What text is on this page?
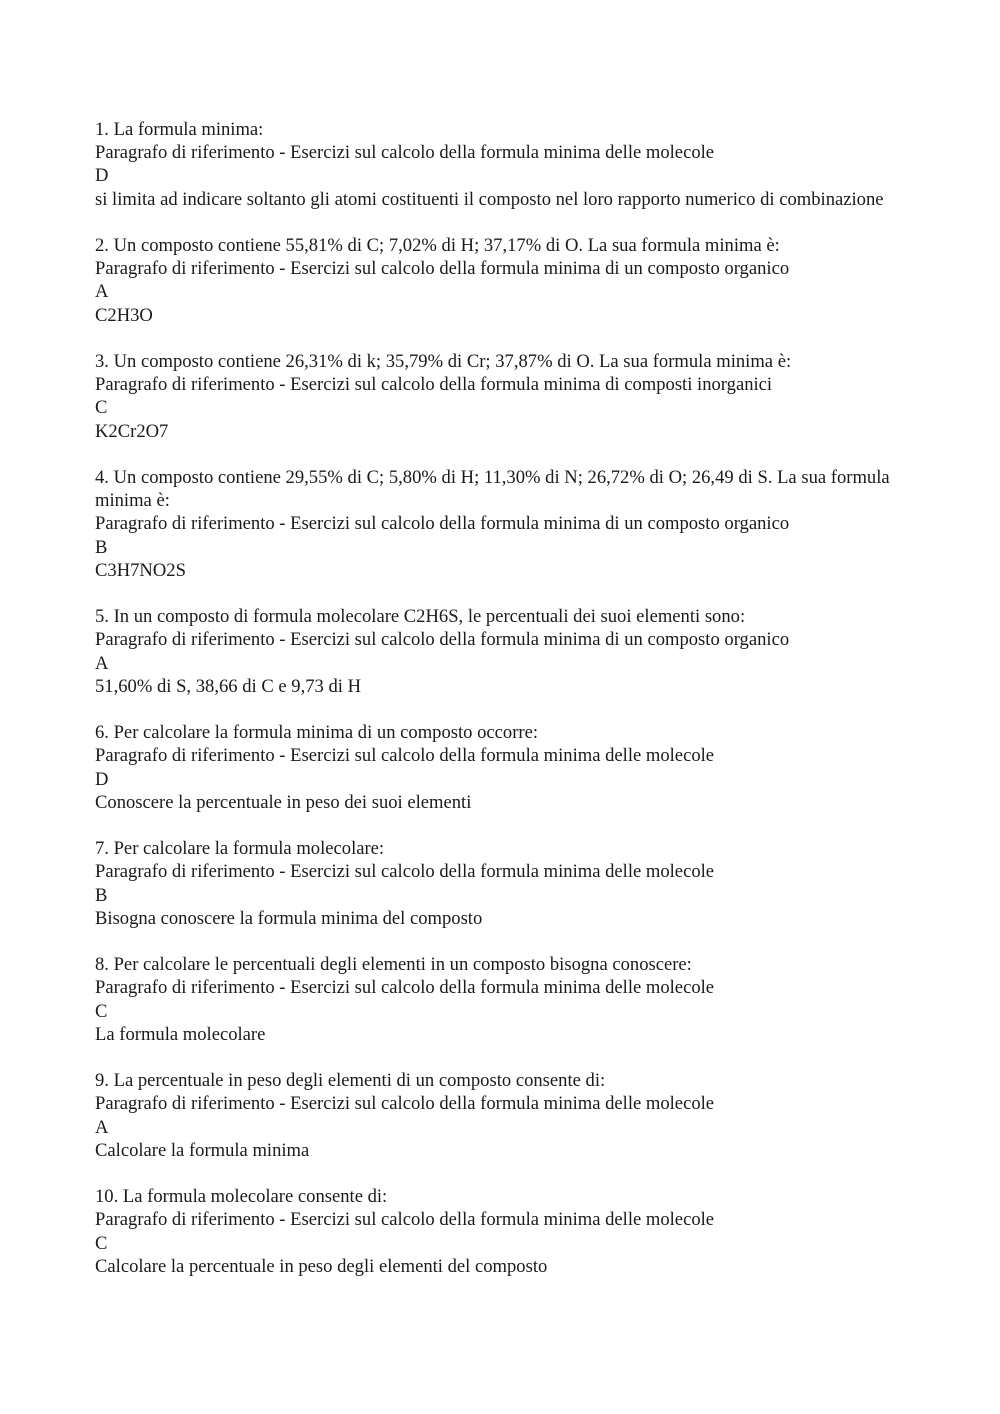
1. La formula minima:
Paragrafo di riferimento - Esercizi sul calcolo della formula minima delle molecole
D
si limita ad indicare soltanto gli atomi costituenti il composto nel loro rapporto numerico di combinazione
2. Un composto contiene 55,81% di C; 7,02% di H; 37,17% di O. La sua formula minima è:
Paragrafo di riferimento - Esercizi sul calcolo della formula minima di un composto organico
A
C2H3O
3. Un composto contiene 26,31% di k; 35,79% di Cr; 37,87% di O. La sua formula minima è:
Paragrafo di riferimento - Esercizi sul calcolo della formula minima di composti inorganici
C
K2Cr2O7
4. Un composto contiene 29,55% di C; 5,80% di H; 11,30% di N; 26,72% di O; 26,49 di S. La sua formula minima è:
Paragrafo di riferimento - Esercizi sul calcolo della formula minima di un composto organico
B
C3H7NO2S
5. In un composto di formula molecolare C2H6S, le percentuali dei suoi elementi sono:
Paragrafo di riferimento - Esercizi sul calcolo della formula minima di un composto organico
A
51,60% di S, 38,66 di C e 9,73 di H
6. Per calcolare la formula minima di un composto occorre:
Paragrafo di riferimento - Esercizi sul calcolo della formula minima delle molecole
D
Conoscere la percentuale in peso dei suoi elementi
7. Per calcolare la formula molecolare:
Paragrafo di riferimento - Esercizi sul calcolo della formula minima delle molecole
B
Bisogna conoscere la formula minima del composto
8. Per calcolare le percentuali degli elementi in un composto bisogna conoscere:
Paragrafo di riferimento - Esercizi sul calcolo della formula minima delle molecole
C
La formula molecolare
9. La percentuale in peso degli elementi di un composto consente di:
Paragrafo di riferimento - Esercizi sul calcolo della formula minima delle molecole
A
Calcolare la formula minima
10. La formula molecolare consente di:
Paragrafo di riferimento - Esercizi sul calcolo della formula minima delle molecole
C
Calcolare la percentuale in peso degli elementi del composto
